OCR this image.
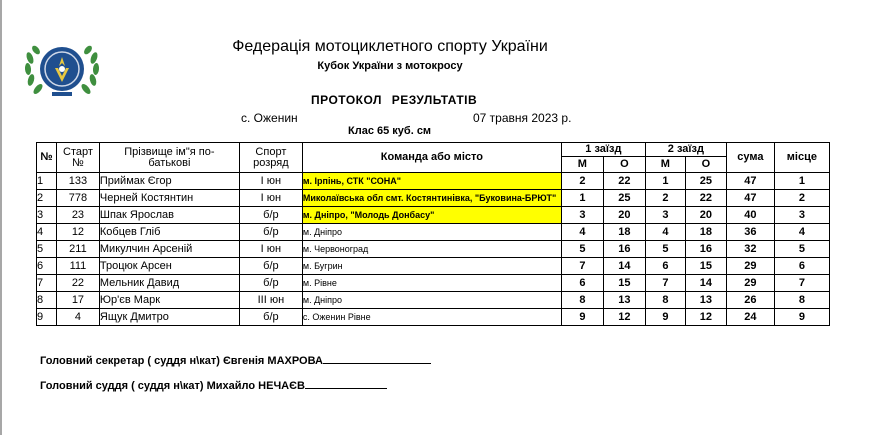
Федерація мотоциклетного спорту України
Кубок України з мотокросу
ПРОТОКОЛ РЕЗУЛЬТАТІВ
с. Оженин	07 травня 2023 р.
Клас 65 куб. см
№	Старт №	Прізвище ім"я по-батькові	Спорт розряд	Команда або місто	1 заїзд		2 заїзд		сума	місце
					М	О	М	О		
1	133	Приймак Єгор	I юн	м. Ірпінь, СТК "СОНА"	2	22	1	25	47	1
2	778	Черней Костянтин	I юн	Миколаївська обл смт. Костянтинівка, "Буковина-БРЮТ"	1	25	2	22	47	2
3	23	Шпак Ярослав	б/р	м. Дніпро, "Молодь Донбасу"	3	20	3	20	40	3
4	12	Кобцев Гліб	б/р	м. Дніпро	4	18	4	18	36	4
5	211	Микулчин Арсеній	I юн	м. Червоноград	5	16	5	16	32	5
6	111	Троцюк Арсен	б/р	м. Бугрин	7	14	6	15	29	6
7	22	Мельник Давид	б/р	м. Рівне	6	15	7	14	29	7
8	17	Юр'єв Марк	III юн	м. Дніпро	8	13	8	13	26	8
9	4	Ящук Дмитро	б/р	с. Оженин Рівне	9	12	9	12	24	9
Головний секретар ( суддя н\кат) Євгенія МАХРОВА
Головний суддя ( суддя н\кат) Михайло НЕЧАЄВ
